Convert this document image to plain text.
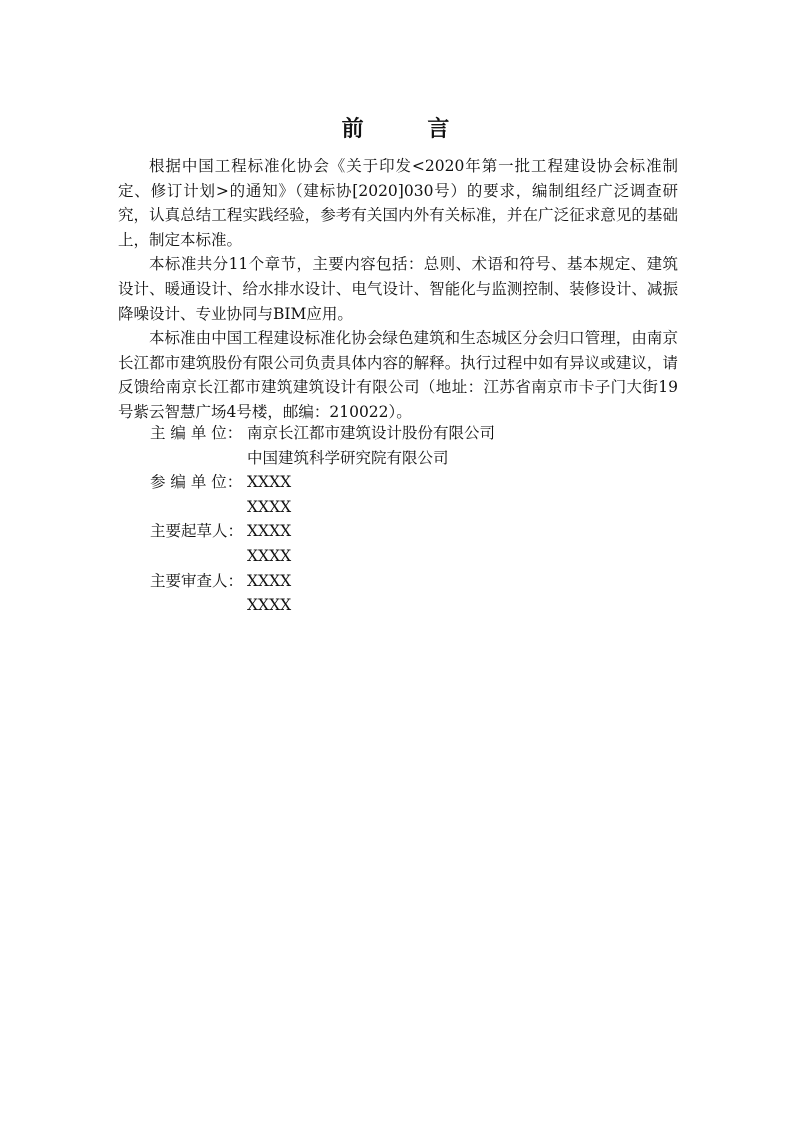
前 言

根据中国工程标准化协会《关于印发<2020年第一批工程建设协会标准制定、修订计划>的通知》（建标协[2020]030号）的要求，编制组经广泛调查研究，认真总结工程实践经验，参考有关国内外有关标准，并在广泛征求意见的基础上，制定本标准。

本标准共分11个章节，主要内容包括：总则、术语和符号、基本规定、建筑设计、暖通设计、给水排水设计、电气设计、智能化与监测控制、装修设计、减振降噪设计、专业协同与BIM应用。

本标准由中国工程建设标准化协会绿色建筑和生态城区分会归口管理，由南京长江都市建筑股份有限公司负责具体内容的解释。执行过程中如有异议或建议，请反馈给南京长江都市建筑建筑设计有限公司（地址：江苏省南京市卡子门大街19号紫云智慧广场4号楼，邮编：210022）。

主 编 单 位： 南京长江都市建筑设计股份有限公司
中国建筑科学研究院有限公司
参 编 单 位： XXXX
XXXX
主要起草人： XXXX
XXXX
主要审查人： XXXX
XXXX
